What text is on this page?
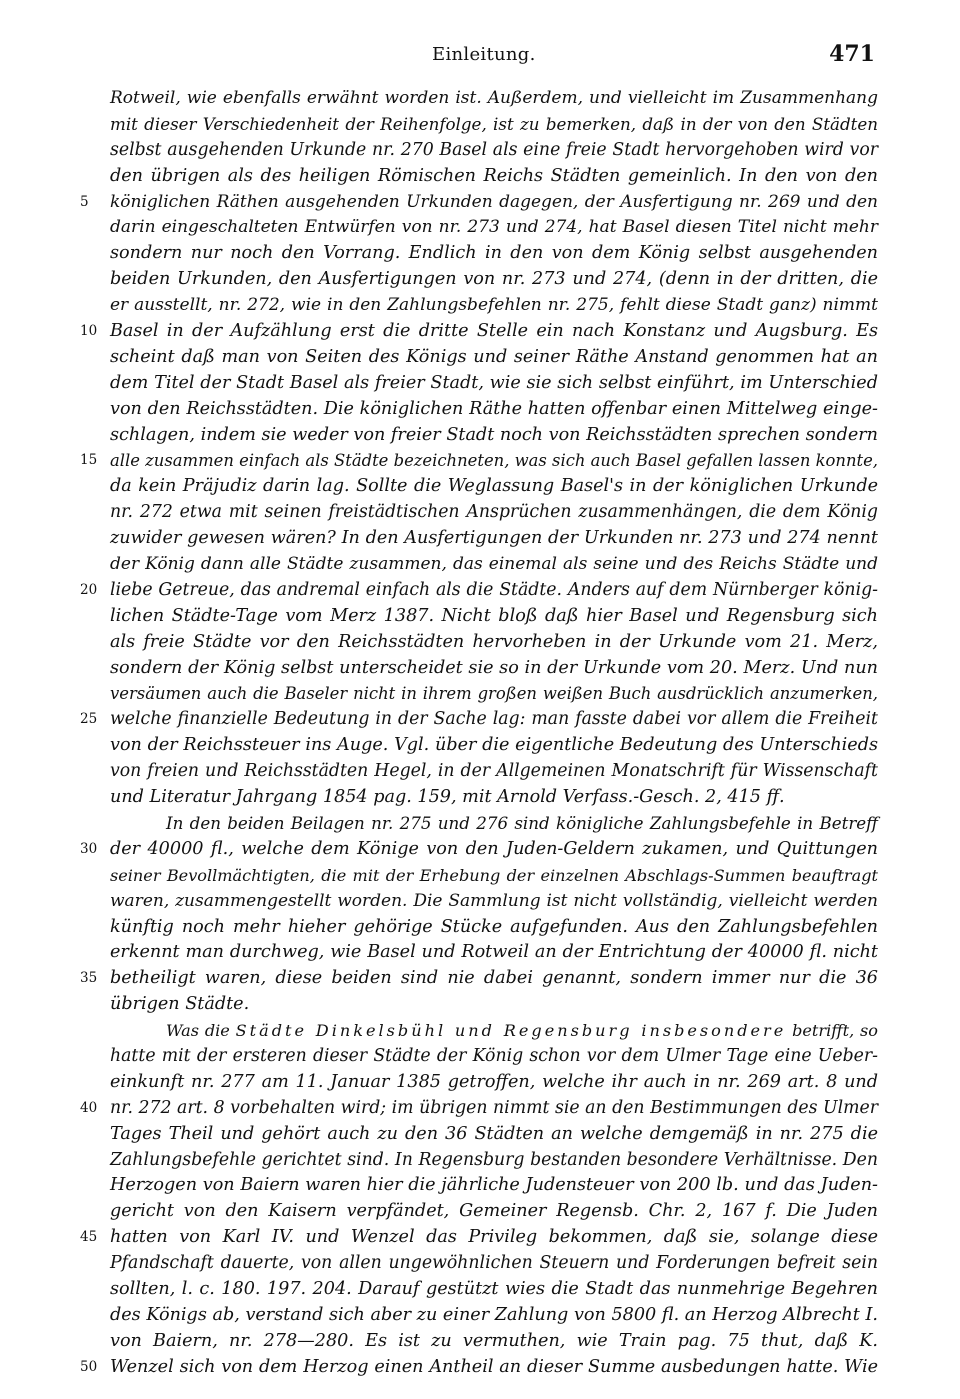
Einleitung.	471
Rotweil, wie ebenfalls erwähnt worden ist. Außerdem, und vielleicht im Zusammenhang
mit dieser Verschiedenheit der Reihenfolge, ist zu bemerken, daß in der von den Städten
selbst ausgehenden Urkunde nr. 270 Basel als eine freie Stadt hervorgehoben wird vor
den übrigen als des heiligen Römischen Reichs Städten gemeinlich. In den von den
königlichen Räthen ausgehenden Urkunden dagegen, der Ausfertigung nr. 269 und den
5
darin eingeschalteten Entwürfen von nr. 273 und 274, hat Basel diesen Titel nicht mehr
sondern nur noch den Vorrang. Endlich in den von dem König selbst ausgehenden
beiden Urkunden, den Ausfertigungen von nr. 273 und 274, (denn in der dritten, die
er ausstellt, nr. 272, wie in den Zahlungsbefehlen nr. 275, fehlt diese Stadt ganz) nimmt
Basel in der Aufzählung erst die dritte Stelle ein nach Konstanz und Augsburg. Es
10
scheint daß man von Seiten des Königs und seiner Räthe Anstand genommen hat an
dem Titel der Stadt Basel als freier Stadt, wie sie sich selbst einführt, im Unterschied
von den Reichsstädten. Die königlichen Räthe hatten offenbar einen Mittelweg einge-
schlagen, indem sie weder von freier Stadt noch von Reichsstädten sprechen sondern
alle zusammen einfach als Städte bezeichneten, was sich auch Basel gefallen lassen konnte,
15
da kein Präjudiz darin lag. Sollte die Weglassung Basel's in der königlichen Urkunde
nr. 272 etwa mit seinen freistädtischen Ansprüchen zusammenhängen, die dem König
zuwider gewesen wären? In den Ausfertigungen der Urkunden nr. 273 und 274 nennt
der König dann alle Städte zusammen, das einemal als seine und des Reichs Städte und
liebe Getreue, das andremal einfach als die Städte. Anders auf dem Nürnberger könig-
20
lichen Städte-Tage vom Merz 1387. Nicht bloß daß hier Basel und Regensburg sich
als freie Städte vor den Reichsstädten hervorheben in der Urkunde vom 21. Merz,
sondern der König selbst unterscheidet sie so in der Urkunde vom 20. Merz. Und nun
versäumen auch die Baseler nicht in ihrem großen weißen Buch ausdrücklich anzumerken,
welche finanzielle Bedeutung in der Sache lag: man fasste dabei vor allem die Freiheit
25
von der Reichssteuer ins Auge. Vgl. über die eigentliche Bedeutung des Unterschieds
von freien und Reichsstädten Hegel, in der Allgemeinen Monatschrift für Wissenschaft
und Literatur Jahrgang 1854 pag. 159, mit Arnold Verfass.-Gesch. 2, 415 ff.
In den beiden Beilagen nr. 275 und 276 sind königliche Zahlungsbefehle in Betreff
der 40000 fl., welche dem Könige von den Juden-Geldern zukamen, und Quittungen
30
seiner Bevollmächtigten, die mit der Erhebung der einzelnen Abschlags-Summen beauftragt
waren, zusammengestellt worden. Die Sammlung ist nicht vollständig, vielleicht werden
künftig noch mehr hieher gehörige Stücke aufgefunden. Aus den Zahlungsbefehlen
erkennt man durchweg, wie Basel und Rotweil an der Entrichtung der 40000 fl. nicht
betheiligt waren, diese beiden sind nie dabei genannt, sondern immer nur die 36
35
übrigen Städte.
Was die Städte Dinkelsbühl und Regensburg insbesondere betrifft, so
hatte mit der ersteren dieser Städte der König schon vor dem Ulmer Tage eine Ueber-
einkunft nr. 277 am 11. Januar 1385 getroffen, welche ihr auch in nr. 269 art. 8 und
nr. 272 art. 8 vorbehalten wird; im übrigen nimmt sie an den Bestimmungen des Ulmer
40
Tages Theil und gehört auch zu den 36 Städten an welche demgemäß in nr. 275 die
Zahlungsbefehle gerichtet sind. In Regensburg bestanden besondere Verhältnisse. Den
Herzogen von Baiern waren hier die jährliche Judensteuer von 200 lb. und das Juden-
gericht von den Kaisern verpfändet, Gemeiner Regensb. Chr. 2, 167 f. Die Juden
hatten von Karl IV. und Wenzel das Privileg bekommen, daß sie, solange diese
45
Pfandschaft dauerte, von allen ungewöhnlichen Steuern und Forderungen befreit sein
sollten, l. c. 180. 197. 204. Darauf gestützt wies die Stadt das nunmehrige Begehren
des Königs ab, verstand sich aber zu einer Zahlung von 5800 fl. an Herzog Albrecht I.
von Baiern, nr. 278—280. Es ist zu vermuthen, wie Train pag. 75 thut, daß K.
Wenzel sich von dem Herzog einen Antheil an dieser Summe ausbedungen hatte. Wie
50
